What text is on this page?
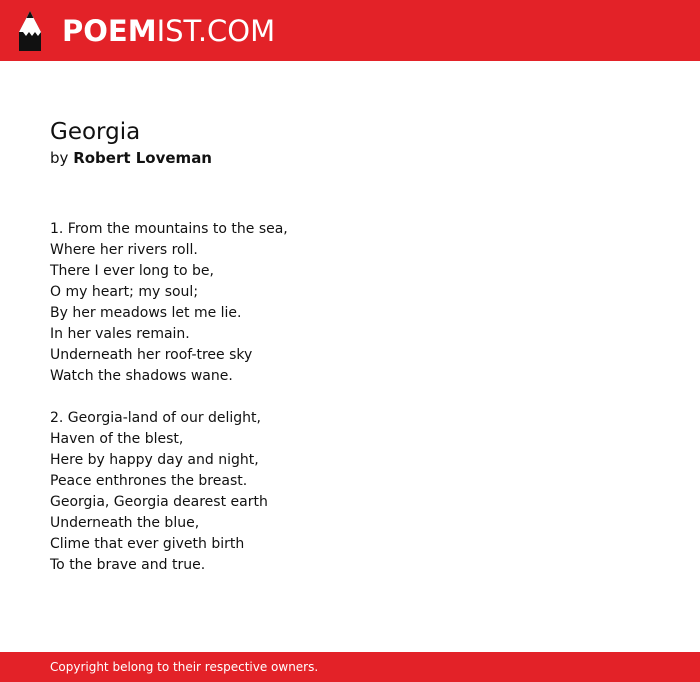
POEMIST.COM
Georgia
by Robert Loveman
1. From the mountains to the sea,
Where her rivers roll.
There I ever long to be,
O my heart; my soul;
By her meadows let me lie.
In her vales remain.
Underneath her roof-tree sky
Watch the shadows wane.
2. Georgia-land of our delight,
Haven of the blest,
Here by happy day and night,
Peace enthrones the breast.
Georgia, Georgia dearest earth
Underneath the blue,
Clime that ever giveth birth
To the brave and true.
Copyright belong to their respective owners.
